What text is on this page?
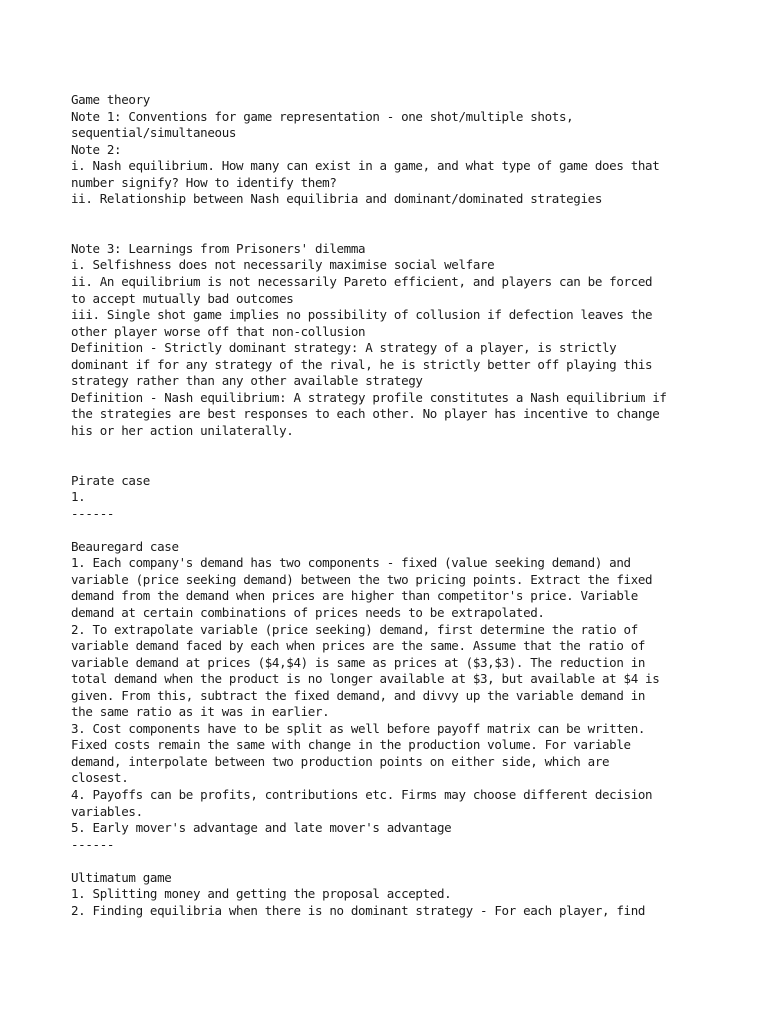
Game theory
Note 1: Conventions for game representation - one shot/multiple shots,
sequential/simultaneous
Note 2:
i. Nash equilibrium. How many can exist in a game, and what type of game does that
number signify? How to identify them?
ii. Relationship between Nash equilibria and dominant/dominated strategies
Note 3: Learnings from Prisoners' dilemma
i. Selfishness does not necessarily maximise social welfare
ii. An equilibrium is not necessarily Pareto efficient, and players can be forced
to accept mutually bad outcomes
iii. Single shot game implies no possibility of collusion if defection leaves the
other player worse off that non-collusion
Definition - Strictly dominant strategy: A strategy of a player, is strictly
dominant if for any strategy of the rival, he is strictly better off playing this
strategy rather than any other available strategy
Definition - Nash equilibrium: A strategy profile constitutes a Nash equilibrium if
the strategies are best responses to each other. No player has incentive to change
his or her action unilaterally.
Pirate case
1.
------
Beauregard case
1. Each company's demand has two components - fixed (value seeking demand) and
variable (price seeking demand) between the two pricing points. Extract the fixed
demand from the demand when prices are higher than competitor's price. Variable
demand at certain combinations of prices needs to be extrapolated.
2. To extrapolate variable (price seeking) demand, first determine the ratio of
variable demand faced by each when prices are the same. Assume that the ratio of
variable demand at prices ($4,$4) is same as prices at ($3,$3). The reduction in
total demand when the product is no longer available at $3, but available at $4 is
given. From this, subtract the fixed demand, and divvy up the variable demand in
the same ratio as it was in earlier.
3. Cost components have to be split as well before payoff matrix can be written.
Fixed costs remain the same with change in the production volume. For variable
demand, interpolate between two production points on either side, which are
closest.
4. Payoffs can be profits, contributions etc. Firms may choose different decision
variables.
5. Early mover's advantage and late mover's advantage
------
Ultimatum game
1. Splitting money and getting the proposal accepted.
2. Finding equilibria when there is no dominant strategy - For each player, find
